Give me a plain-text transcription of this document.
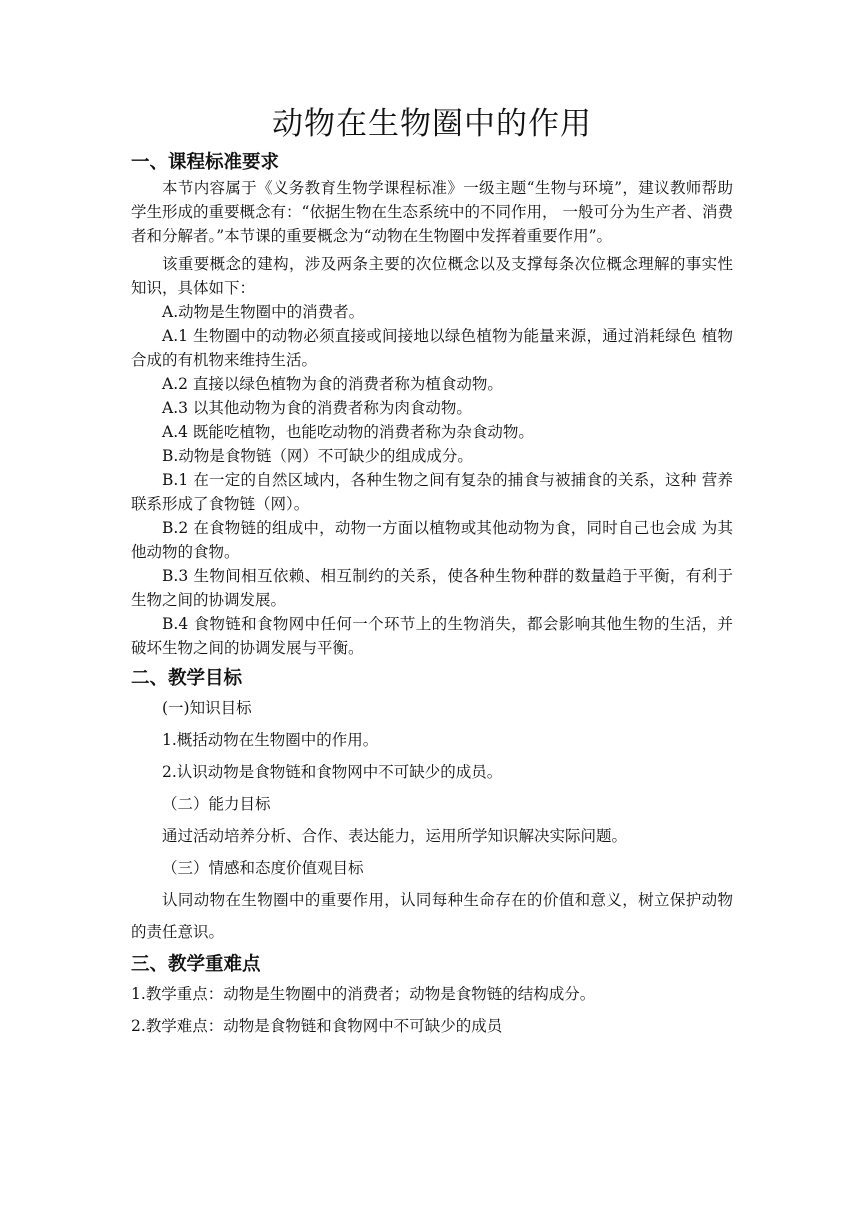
动物在生物圈中的作用
一、课程标准要求

本节内容属于《义务教育生物学课程标准》一级主题“生物与环境”，建议教师帮助学生形成的重要概念有：“依据生物在生态系统中的不同作用， 一般可分为生产者、消费者和分解者。”本节课的重要概念为“动物在生物圈中发挥着重要作用”。

该重要概念的建构，涉及两条主要的次位概念以及支撑每条次位概念理解的事实性知识，具体如下：

A.动物是生物圈中的消费者。

A.1 生物圈中的动物必须直接或间接地以绿色植物为能量来源，通过消耗绿色 植物合成的有机物来维持生活。

A.2 直接以绿色植物为食的消费者称为植食动物。

A.3 以其他动物为食的消费者称为肉食动物。

A.4 既能吃植物，也能吃动物的消费者称为杂食动物。

B.动物是食物链（网）不可缺少的组成成分。

B.1 在一定的自然区域内，各种生物之间有复杂的捕食与被捕食的关系，这种 营养联系形成了食物链（网）。

B.2 在食物链的组成中，动物一方面以植物或其他动物为食，同时自己也会成 为其他动物的食物。

B.3 生物间相互依赖、相互制约的关系，使各种生物种群的数量趋于平衡，有利于生物之间的协调发展。

B.4 食物链和食物网中任何一个环节上的生物消失，都会影响其他生物的生活，并破坏生物之间的协调发展与平衡。

二、教学目标

(一)知识目标

1.概括动物在生物圈中的作用。

2.认识动物是食物链和食物网中不可缺少的成员。

（二）能力目标

通过活动培养分析、合作、表达能力，运用所学知识解决实际问题。

（三）情感和态度价值观目标

认同动物在生物圈中的重要作用，认同每种生命存在的价值和意义，树立保护动物的责任意识。

三、教学重难点

1.教学重点：动物是生物圈中的消费者；动物是食物链的结构成分。

2.教学难点：动物是食物链和食物网中不可缺少的成员
